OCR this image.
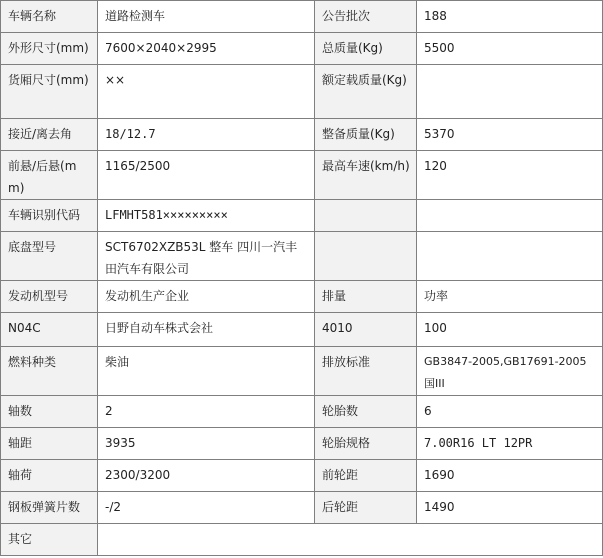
车辆名称	道路检测车	公告批次	188
外形尺寸(mm)	7600×2040×2995	总质量(Kg)	5500
货厢尺寸(mm)	××	额定载质量(Kg)	
接近/离去角	18/12.7	整备质量(Kg)	5370
前悬/后悬(mm)	1165/2500	最高车速(km/h)	120
车辆识别代码	LFMHT581×××××××××		
底盘型号	SCT6702XZB53L 整车 四川一汽丰田汽车有限公司		
发动机型号	发动机生产企业	排量	功率
N04C	日野自动车株式会社	4010	100
燃料种类	柴油	排放标准	GB3847-2005,GB17691-2005国III
轴数	2	轮胎数	6
轴距	3935	轮胎规格	7.00R16 LT 12PR
轴荷	2300/3200	前轮距	1690
钢板弹簧片数	-/2	后轮距	1490
其它			
